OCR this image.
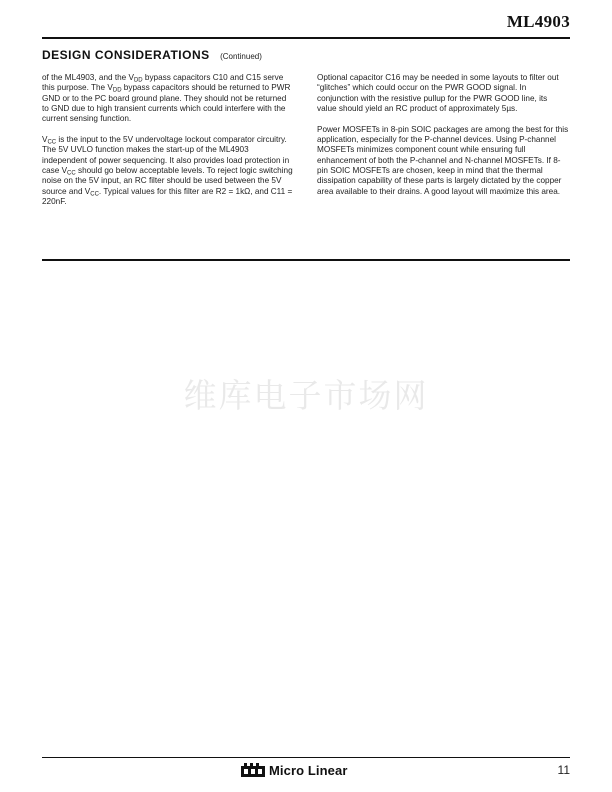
ML4903
DESIGN CONSIDERATIONS (Continued)

of the ML4903, and the $V_{DD}$ bypass capacitors C10 and C15 serve this purpose. The $V_{DD}$ bypass capacitors should be returned to PWR GND or to the PC board ground plane. They should not be returned to GND due to high transient currents which could interfere with the current sensing function.

$V_{CC}$ is the input to the 5V undervoltage lockout comparator circuitry. The 5V UVLO function makes the start-up of the ML4903 independent of power sequencing. It also provides load protection in case $V_{CC}$ should go below acceptable levels. To reject logic switching noise on the 5V input, an RC filter should be used between the 5V source and $V_{CC}$. Typical values for this filter are R2 = 1kΩ, and C11 = 220nF.

Optional capacitor C16 may be needed in some layouts to filter out “glitches” which could occur on the PWR GOOD signal. In conjunction with the resistive pullup for the PWR GOOD line, its value should yield an RC product of approximately 5µs.

Power MOSFETs in 8-pin SOIC packages are among the best for this application, especially for the P-channel devices. Using P-channel MOSFETs minimizes component count while ensuring full enhancement of both the P-channel and N-channel MOSFETs. If 8-pin SOIC MOSFETs are chosen, keep in mind that the thermal dissipation capability of these parts is largely dictated by the copper area available to their drains. A good layout will maximize this area.

维库电子市场网
Micro Linear	11
